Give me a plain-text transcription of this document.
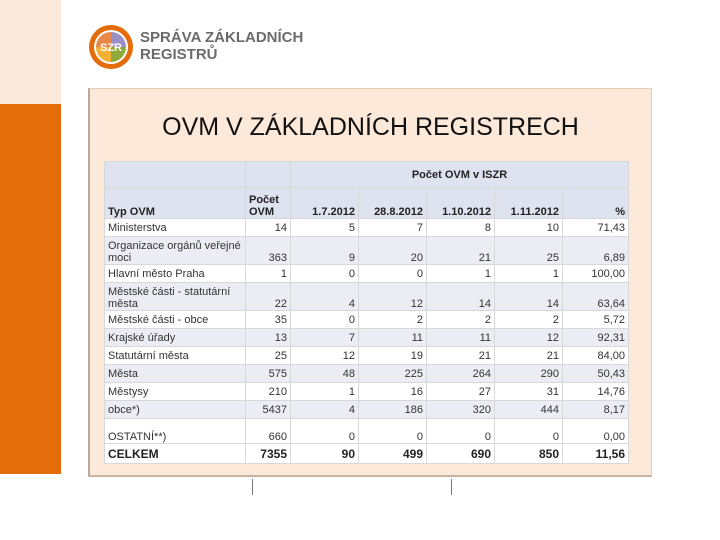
SZR
SPRÁVA ZÁKLADNÍCH
REGISTRŮ
OVM V ZÁKLADNÍCH REGISTRECH
		Počet OVM v ISZR				
Typ OVM	Počet OVM	1.7.2012	28.8.2012	1.10.2012	1.11.2012	%
Ministerstva	14	5	7	8	10	71,43
Organizace orgánů veřejné moci	363	9	20	21	25	6,89
Hlavní město Praha	1	0	0	1	1	100,00
Městské části - statutární města	22	4	12	14	14	63,64
Městské části - obce	35	0	2	2	2	5,72
Krajské úřady	13	7	11	11	12	92,31
Statutární města	25	12	19	21	21	84,00
Města	575	48	225	264	290	50,43
Městysy	210	1	16	27	31	14,76
obce*)	5437	4	186	320	444	8,17
OSTATNÍ**)	660	0	0	0	0	0,00
CELKEM	7355	90	499	690	850	11,56
